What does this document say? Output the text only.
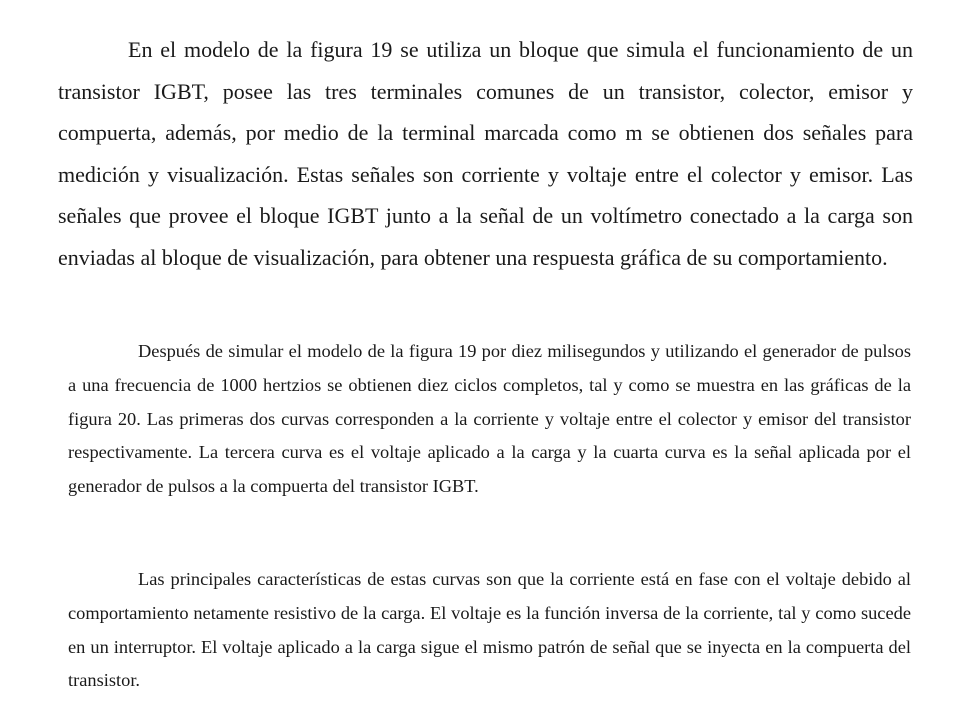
En el modelo de la figura 19 se utiliza un bloque que simula el funcionamiento de un transistor IGBT, posee las tres terminales comunes de un transistor, colector, emisor y compuerta, además, por medio de la terminal marcada como m se obtienen dos señales para medición y visualización. Estas señales son corriente y voltaje entre el colector y emisor. Las señales que provee el bloque IGBT junto a la señal de un voltímetro conectado a la carga son enviadas al bloque de visualización, para obtener una respuesta gráfica de su comportamiento.

Después de simular el modelo de la figura 19 por diez milisegundos y utilizando el generador de pulsos a una frecuencia de 1000 hertzios se obtienen diez ciclos completos, tal y como se muestra en las gráficas de la figura 20. Las primeras dos curvas corresponden a la corriente y voltaje entre el colector y emisor del transistor respectivamente. La tercera curva es el voltaje aplicado a la carga y la cuarta curva es la señal aplicada por el generador de pulsos a la compuerta del transistor IGBT.

Las principales características de estas curvas son que la corriente está en fase con el voltaje debido al comportamiento netamente resistivo de la carga. El voltaje es la función inversa de la corriente, tal y como sucede en un interruptor. El voltaje aplicado a la carga sigue el mismo patrón de señal que se inyecta en la compuerta del transistor.
